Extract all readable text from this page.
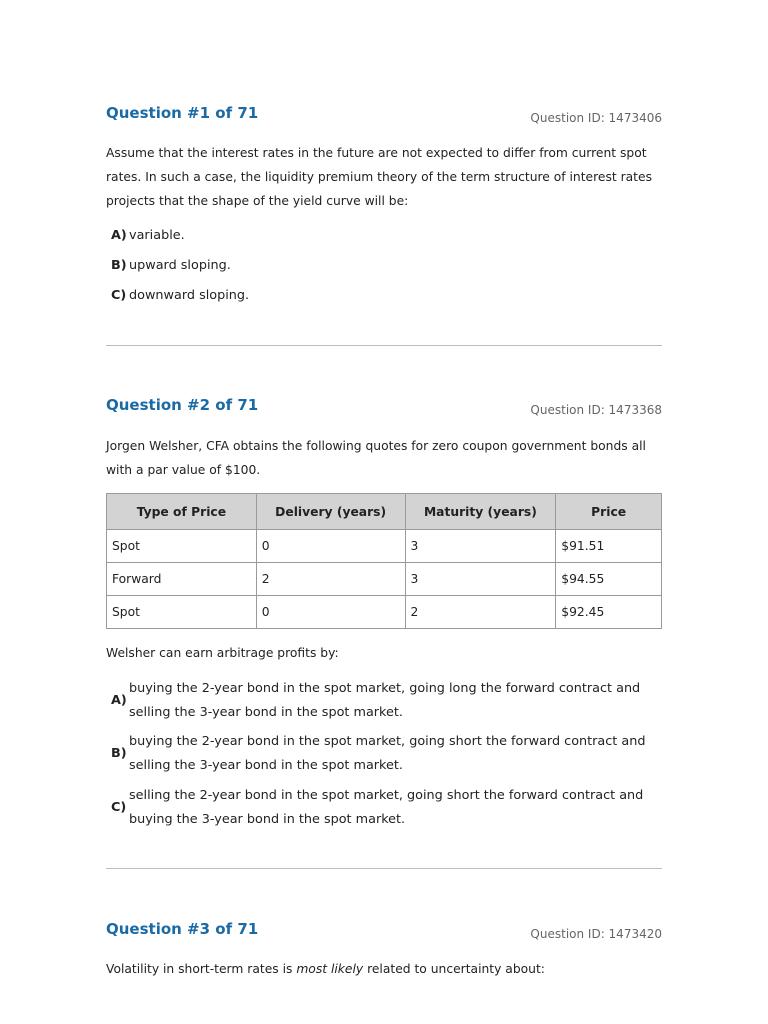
Question #1 of 71	Question ID: 1473406
Assume that the interest rates in the future are not expected to differ from current spot rates. In such a case, the liquidity premium theory of the term structure of interest rates projects that the shape of the yield curve will be:
A) variable.
B) upward sloping.
C) downward sloping.
Question #2 of 71	Question ID: 1473368
Jorgen Welsher, CFA obtains the following quotes for zero coupon government bonds all with a par value of $100.
Type of Price	Delivery (years)	Maturity (years)	Price
Spot	0	3	$91.51
Forward	2	3	$94.55
Spot	0	2	$92.45
Welsher can earn arbitrage profits by:
A)
buying the 2-year bond in the spot market, going long the forward contract and selling the 3-year bond in the spot market.
B)
buying the 2-year bond in the spot market, going short the forward contract and selling the 3-year bond in the spot market.
C)
selling the 2-year bond in the spot market, going short the forward contract and buying the 3-year bond in the spot market.
Question #3 of 71	Question ID: 1473420
Volatility in short-term rates is most likely related to uncertainty about:
